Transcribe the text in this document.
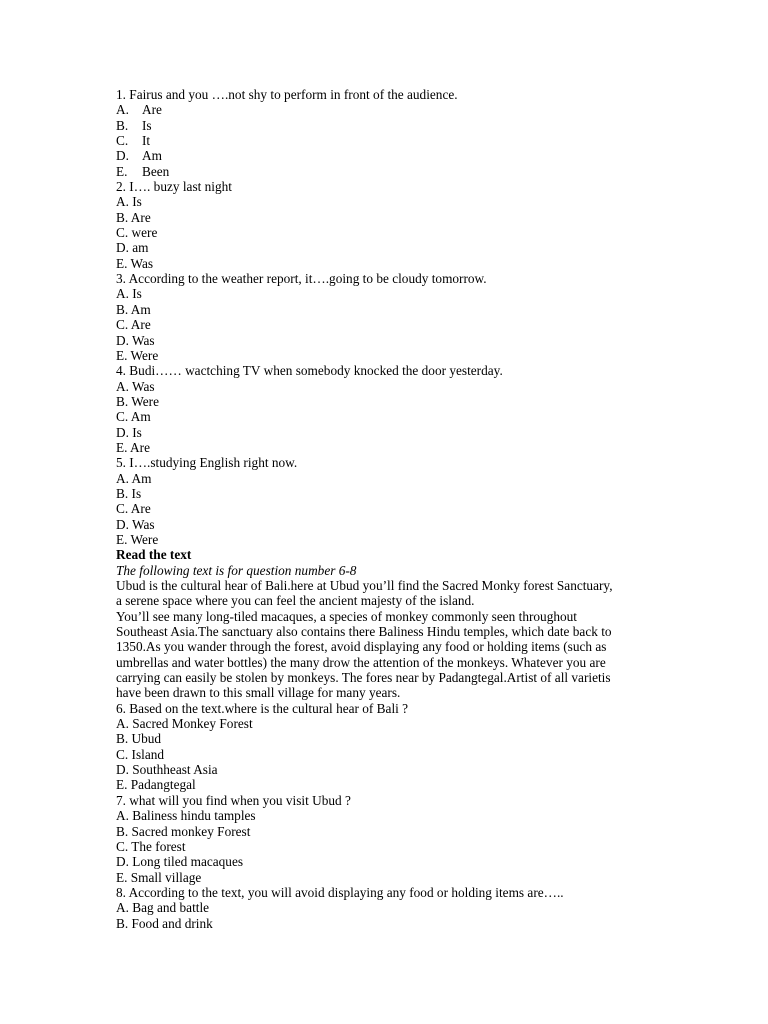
1. Fairus and you ….not shy to perform in front of the audience.
A. Are
B. Is
C. It
D. Am
E. Been
2. I…. buzy last night
A. Is
B. Are
C. were
D. am
E. Was
3. According to the weather report, it….going to be cloudy tomorrow.
A. Is
B. Am
C. Are
D. Was
E. Were
4. Budi…… wactching TV when somebody knocked the door yesterday.
A. Was
B. Were
C. Am
D. Is
E. Are
5. I….studying English right now.
A. Am
B. Is
C. Are
D. Was
E. Were
Read the text
The following text is for question number 6-8
Ubud is the cultural hear of Bali.here at Ubud you’ll find the Sacred Monky forest Sanctuary,
a serene space where you can feel the ancient majesty of the island.
You’ll see many long-tiled macaques, a species of monkey commonly seen throughout
Southeast Asia.The sanctuary also contains there Baliness Hindu temples, which date back to
1350.As you wander through the forest, avoid displaying any food or holding items (such as
umbrellas and water bottles) the many drow the attention of the monkeys. Whatever you are
carrying can easily be stolen by monkeys. The fores near by Padangtegal.Artist of all varietis
have been drawn to this small village for many years.
6. Based on the text.where is the cultural hear of Bali ?
A. Sacred Monkey Forest
B. Ubud
C. Island
D. Southheast Asia
E. Padangtegal
7. what will you find when you visit Ubud ?
A. Baliness hindu tamples
B. Sacred monkey Forest
C. The forest
D. Long tiled macaques
E. Small village
8. According to the text, you will avoid displaying any food or holding items are…..
A. Bag and battle
B. Food and drink
